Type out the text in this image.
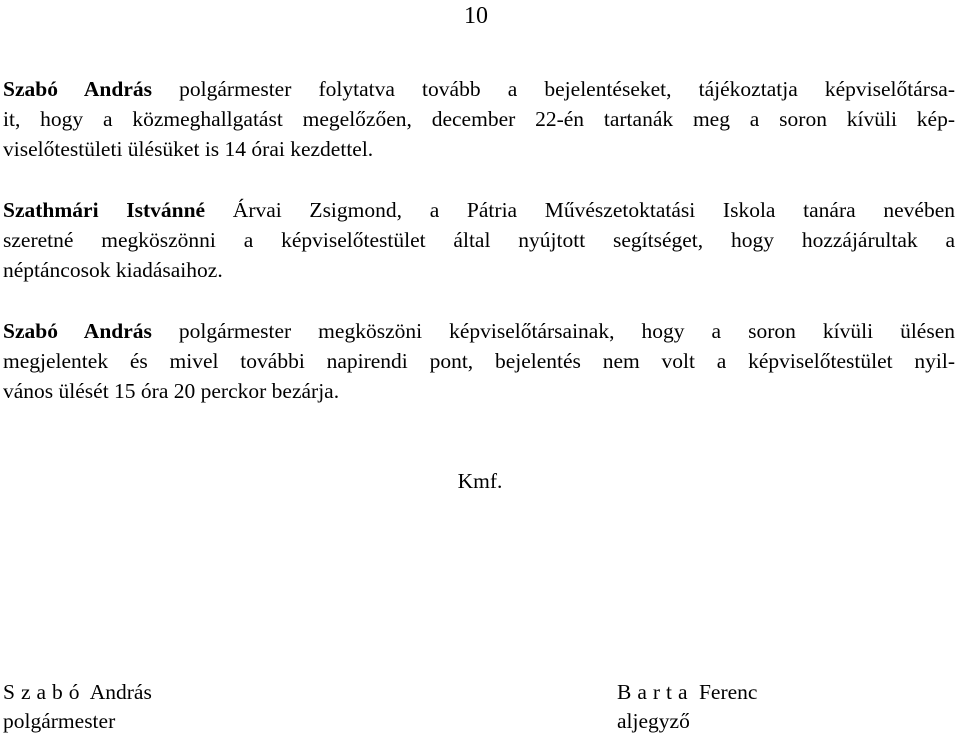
10
Szabó András polgármester folytatva tovább a bejelentéseket, tájékoztatja képviselőtársa-
it, hogy a közmeghallgatást megelőzően, december 22-én tartanák meg a soron kívüli kép-
viselőtestületi ülésüket is 14 órai kezdettel.
Szathmári Istvánné Árvai Zsigmond, a Pátria Művészetoktatási Iskola tanára nevében
szeretné megköszönni a képviselőtestület által nyújtott segítséget, hogy hozzájárultak a
néptáncosok kiadásaihoz.
Szabó András polgármester megköszöni képviselőtársainak, hogy a soron kívüli ülésen
megjelentek és mivel további napirendi pont, bejelentés nem volt a képviselőtestület nyil-
vános ülését 15 óra 20 perckor bezárja.
Kmf.
Szabó András
polgármester
Barta Ferenc
aljegyző
